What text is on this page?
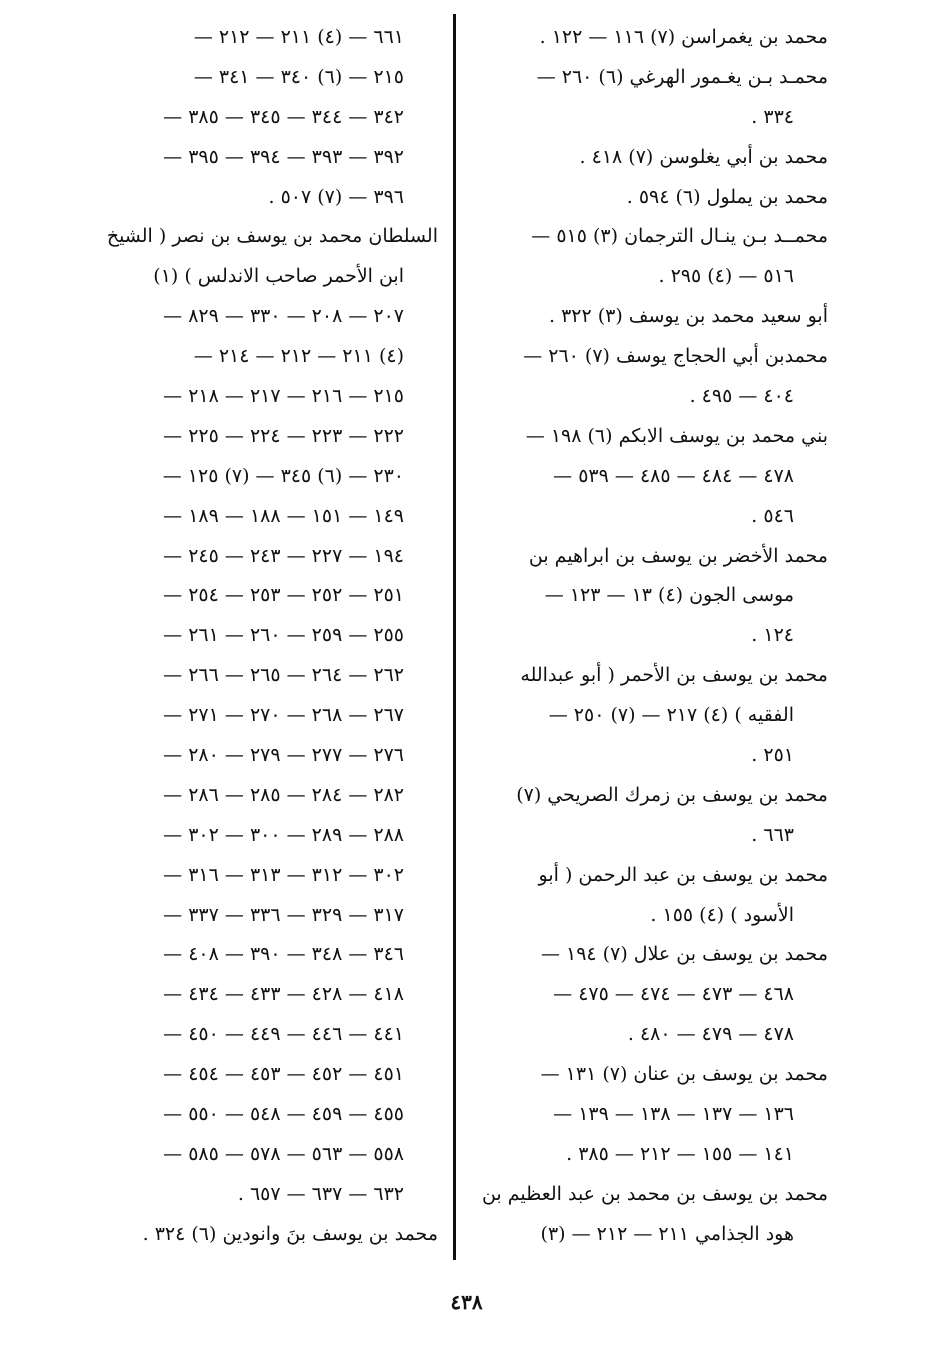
محمد بن يغمراسن (٧) ١١٦ — ١٢٢ .
محمـد بـن يغـمور الهرغي (٦) ٢٦٠ —
٣٣٤ .
محمد بن أبي يغلوسن (٧) ٤١٨ .
محمد بن يملول (٦) ٥٩٤ .
محمــد بـن ينـال الترجمان (٣) ٥١٥ —
٥١٦ — (٤) ٢٩٥ .
أبو سعيد محمد بن يوسف (٣) ٣٢٢ .
محمدبن أبي الحجاج يوسف (٧) ٢٦٠ —
٤٠٤ — ٤٩٥ .
بني محمد بن يوسف الابكم (٦) ١٩٨ —
٤٧٨ — ٤٨٤ — ٤٨٥ — ٥٣٩ —
٥٤٦ .
محمد الأخضر بن يوسف بن ابراهيم بن
موسى الجون (٤) ١٣ — ١٢٣ —
١٢٤ .
محمد بن يوسف بن الأحمر ( أبو عبدالله
الفقيه ) (٤) ٢١٧ — (٧) ٢٥٠ —
٢٥١ .
محمد بن يوسف بن زمرك الصريحي (٧)
٦٦٣ .
محمد بن يوسف بن عبد الرحمن ( أبو
الأسود ) (٤) ١٥٥ .
محمد بن يوسف بن علال (٧) ١٩٤ —
٤٦٨ — ٤٧٣ — ٤٧٤ — ٤٧٥ —
٤٧٨ — ٤٧٩ — ٤٨٠ .
محمد بن يوسف بن عنان (٧) ١٣١ —
١٣٦ — ١٣٧ — ١٣٨ — ١٣٩ —
١٤١ — ١٥٥ — ٢١٢ — ٣٨٥ .
محمد بن يوسف بن محمد بن عبد العظيم بن
هود الجذامي ٢١١ — ٢١٢ — (٣)
٦٦١ — (٤) ٢١١ — ٢١٢ —
٢١٥ — (٦) ٣٤٠ — ٣٤١ —
٣٤٢ — ٣٤٤ — ٣٤٥ — ٣٨٥ —
٣٩٢ — ٣٩٣ — ٣٩٤ — ٣٩٥ —
٣٩٦ — (٧) ٥٠٧ .
السلطان محمد بن يوسف بن نصر ( الشيخ
ابن الأحمر صاحب الاندلس ) (١)
٢٠٧ — ٢٠٨ — ٣٣٠ — ٨٢٩ —
(٤) ٢١١ — ٢١٢ — ٢١٤ —
٢١٥ — ٢١٦ — ٢١٧ — ٢١٨ —
٢٢٢ — ٢٢٣ — ٢٢٤ — ٢٢٥ —
٢٣٠ — (٦) ٣٤٥ — (٧) ١٢٥ —
١٤٩ — ١٥١ — ١٨٨ — ١٨٩ —
١٩٤ — ٢٢٧ — ٢٤٣ — ٢٤٥ —
٢٥١ — ٢٥٢ — ٢٥٣ — ٢٥٤ —
٢٥٥ — ٢٥٩ — ٢٦٠ — ٢٦١ —
٢٦٢ — ٢٦٤ — ٢٦٥ — ٢٦٦ —
٢٦٧ — ٢٦٨ — ٢٧٠ — ٢٧١ —
٢٧٦ — ٢٧٧ — ٢٧٩ — ٢٨٠ —
٢٨٢ — ٢٨٤ — ٢٨٥ — ٢٨٦ —
٢٨٨ — ٢٨٩ — ٣٠٠ — ٣٠٢ —
٣٠٢ — ٣١٢ — ٣١٣ — ٣١٦ —
٣١٧ — ٣٢٩ — ٣٣٦ — ٣٣٧ —
٣٤٦ — ٣٤٨ — ٣٩٠ — ٤٠٨ —
٤١٨ — ٤٢٨ — ٤٣٣ — ٤٣٤ —
٤٤١ — ٤٤٦ — ٤٤٩ — ٤٥٠ —
٤٥١ — ٤٥٢ — ٤٥٣ — ٤٥٤ —
٤٥٥ — ٤٥٩ — ٥٤٨ — ٥٥٠ —
٥٥٨ — ٥٦٣ — ٥٧٨ — ٥٨٥ —
٦٣٢ — ٦٣٧ — ٦٥٧ .
محمد بن يوسف بنَ وانودين (٦) ٣٢٤ .
٤٣٨
